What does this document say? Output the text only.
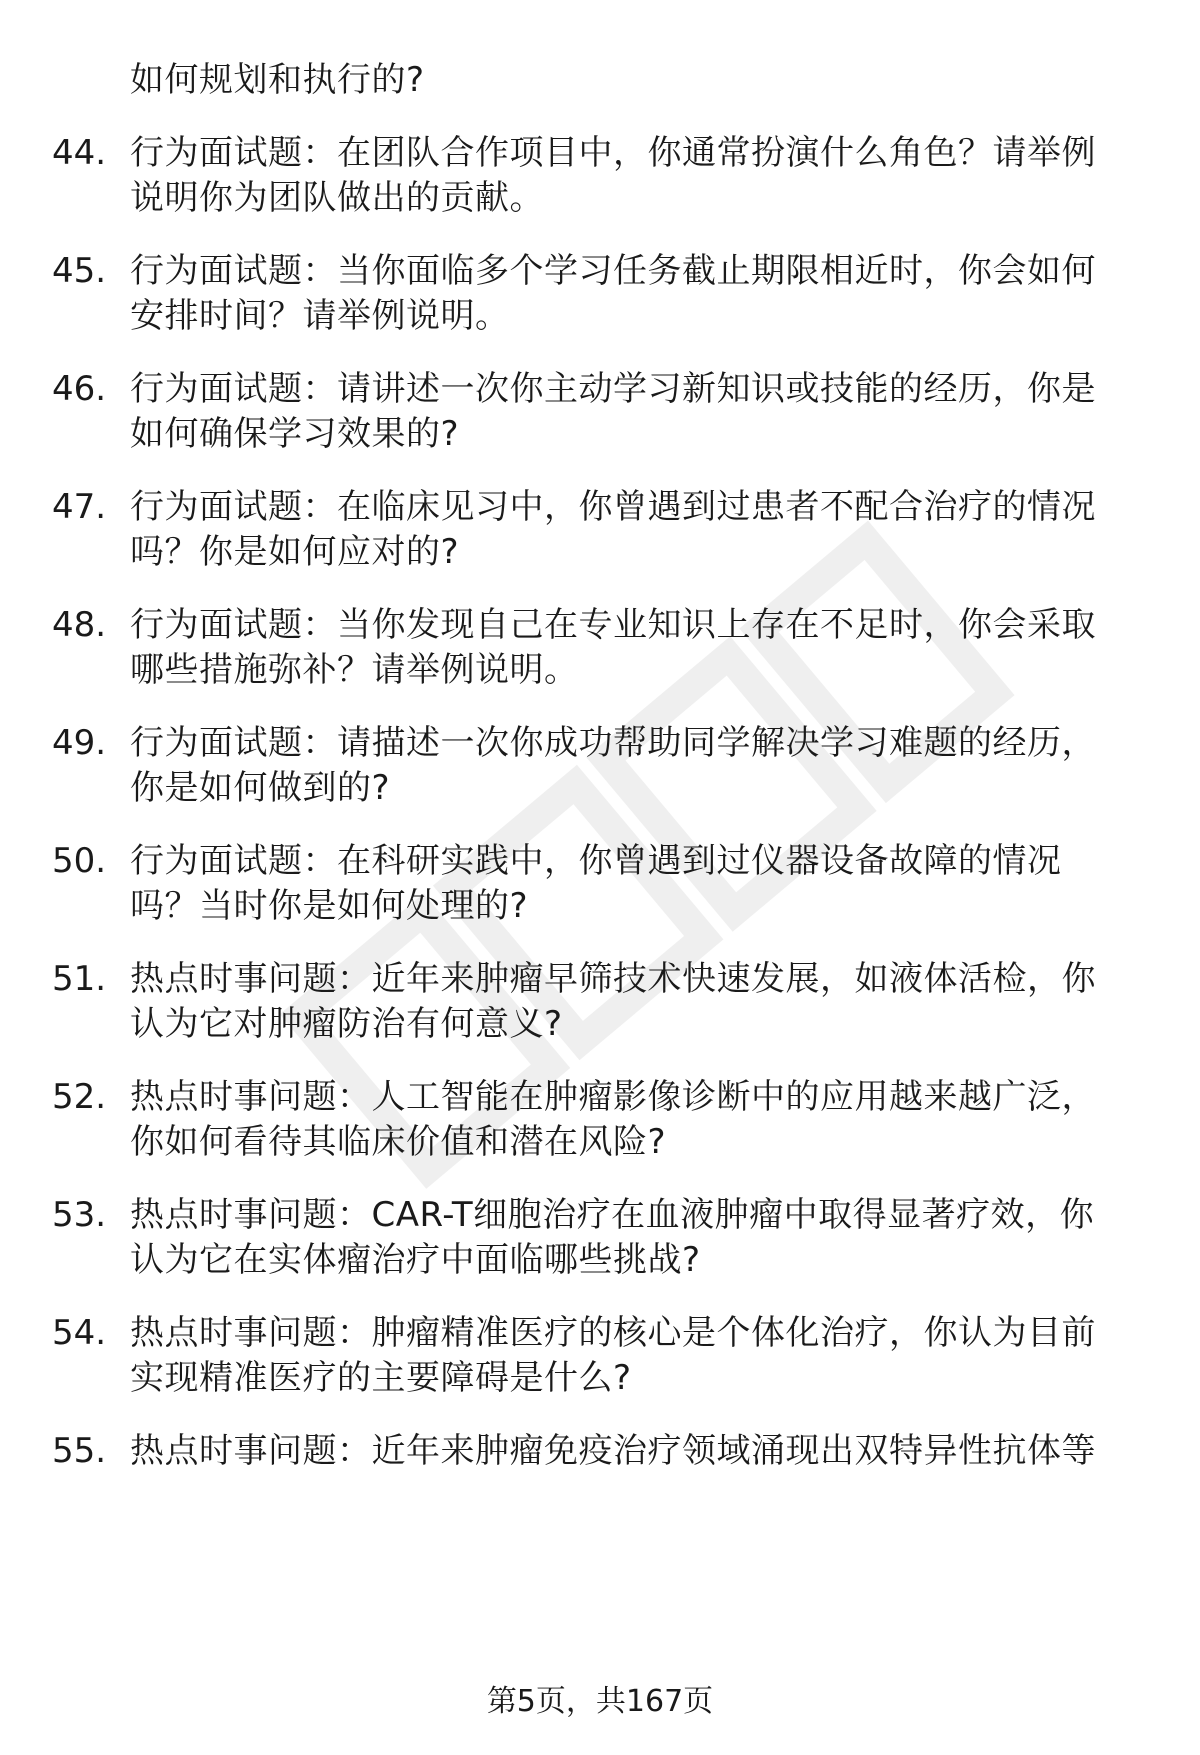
如何规划和执行的?
44. 行为面试题：在团队合作项目中，你通常扮演什么角色？请举例
说明你为团队做出的贡献。
45. 行为面试题：当你面临多个学习任务截止期限相近时，你会如何
安排时间？请举例说明。
46. 行为面试题：请讲述一次你主动学习新知识或技能的经历，你是
如何确保学习效果的?
47. 行为面试题：在临床见习中，你曾遇到过患者不配合治疗的情况
吗？你是如何应对的?
48. 行为面试题：当你发现自己在专业知识上存在不足时，你会采取
哪些措施弥补？请举例说明。
49. 行为面试题：请描述一次你成功帮助同学解决学习难题的经历，
你是如何做到的?
50. 行为面试题：在科研实践中，你曾遇到过仪器设备故障的情况
吗？当时你是如何处理的?
51. 热点时事问题：近年来肿瘤早筛技术快速发展，如液体活检，你
认为它对肿瘤防治有何意义?
52. 热点时事问题：人工智能在肿瘤影像诊断中的应用越来越广泛，
你如何看待其临床价值和潜在风险?
53. 热点时事问题：CAR-T细胞治疗在血液肿瘤中取得显著疗效，你
认为它在实体瘤治疗中面临哪些挑战?
54. 热点时事问题：肿瘤精准医疗的核心是个体化治疗，你认为目前
实现精准医疗的主要障碍是什么?
55. 热点时事问题：近年来肿瘤免疫治疗领域涌现出双特异性抗体等
第5页，共167页
